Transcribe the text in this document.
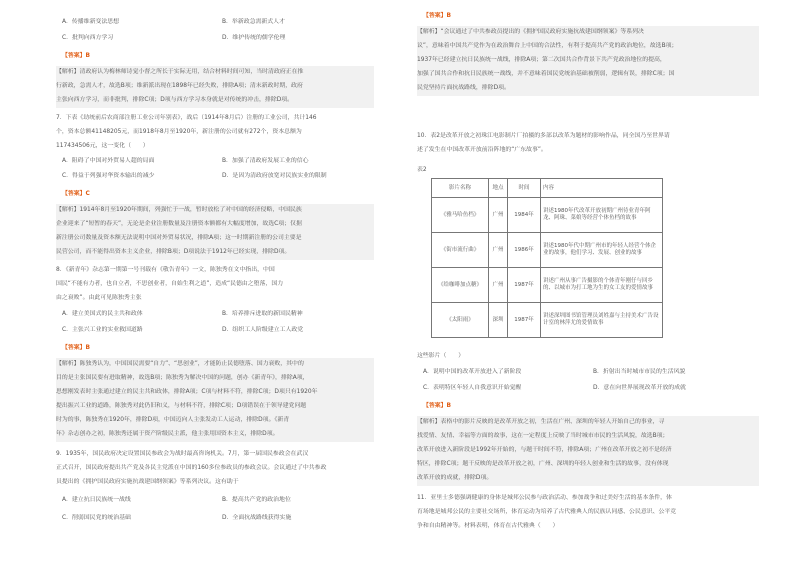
A．传播维新变法思想	B．举新政急需新式人才
C．批判向西方学习	D．维护传统的儒学伦理
【答案】B
【解析】清政府认为梅林师诗觉小督之所长于实际无用，结合材料时间可知，当时清政府正在推
行新政，急需人才，故选B项；维新派出现在1898年已经失败，排除A项；清末新政时期，政府
主张向西方学习，而非批判，排除C项；D项与西方学习本身就是对传统的冲击，排除D项。
7．下表《劫统前后农商部注册工业公司年别表》，战后（1914年8月后）注册的工业公司，共计146
个，资本总额41148205元，而1918年8月至1920年，新注册的公司就有272个，资本总额为
117434506元，这一变化（　　）
A．阻碍了中国对外贸易人超的局面	B．加强了清政府发展工业的信心
C．得益于列强对华资本输出的减少	D．是因为清政府放宽对民族实业的限制
【答案】C
【解析】1914年8月至1920年期间，列强忙于一战，暂时放松了对中国的经济侵略，中国民族
企业迎来了“短暂的春天”，无论是企业注册数量及注册资本额都有大幅度增加，故选C项；仅据
新注册公司数量及资本额无法说明中国对外贸易状况，排除A项；这一时期新注册的公司主要是
民营公司，而不能得出资本主义企业，排除B项；D项说法于1912年已经实现，排除D项。
8．《新青年》杂志第一期第一号刊载有《敬告青年》一文，陈独秀在文中指出，中国
国民“不能有力者，也自立者，不思创业者，自始生利之道”，造成“民德由之堕落，国力
由之衰败”。由此可见陈独秀主张
A．建立美国式的民主共和政体	B．培养排斥进取的新国民精神
C．主张兴工业的实业救国道路	D．组织工人阶级建立工人政党
【答案】B
【解析】陈独秀认为，中国国民需要“自力”、“思创业”，才能防止民德堕落、国力衰败，其中的
目的是主张国民要有进取精神，故选B项；陈独秀为解决中国的问题，创办《新青年》，排除A项，
思想刚发表时主张通过建立的民主共和政体，排除A项；C项与材料不符，排除C项；D项只有1920年
提出振兴工业的道路，陈独秀对此仍旧和义，与材料不符，排除C项；D项错误在于领导建党问题
时为的事，陈独秀在1920年，排除D项，中国迈向人主张发动工人运动，排除D项。《新青
年》杂志创办之初，陈独秀还属于资产阶级民主派，他主张用国资本主义，排除D项。
9．1935年，国民政府决定设置国民参政会为战时最高咨询机关。7月，第一届国民参政会在武汉
正式召开，国民政府提出共产党及各民主党派在中国的160多位参政员的参政会议。会议通过了中共参政
员提出的《拥护国民政府实施抗战建国纲领案》等系列决议。这有助于
A．建立抗日民族统一战线	B．提高共产党的政治地位
C．削弱国民党的统治基础	D．全面抗战路线获得实施
【答案】B
【解析】“会议通过了中共参政员提出的《拥护国民政府实施抗战建国纲领案》等系列决
议”，意味着中国共产党作为在政治舞台上中国的合法性，有利于提高共产党的政治地位，故选B项；
1937年已经建立抗日民族统一战线，排除A项；第二次国共合作背景下共产党政治地位的提高，
加强了国共合作和抗日民族统一战线，并不意味着国民党统治基础被削弱，逻辑有误，排除C项；国
民党坚持片面抗战路线，排除D项。
10．表2是改革开放之初珠江电影制片厂拍摄的多部以改革为题材的影响作品，同全国乃至世界请
述了发生在中国改革开放前沿阵地的“广东故事”。
表2
影片名称	地点	时间	内容
《雅马哈鱼档》	广州	1984年	讲述1980年代改革开放初期广州待业青年阿龙、阿珠、菜娘等经营个体鱼档的故事
《街市流行曲》	广州	1986年	讲述1980年代中期广州市的年轻人经营个体企业的故事，他们学习、发展、创业的故事
《给咖啡加点糖》	广州	1987年	讲述广州从事广告摄影的个体青年刚仔与回乡的、以城市为打工地为生的女工友的爱情故事
《太阳雨》	深圳	1987年	讲述深圳图书馆管理员刘姓嘉与主持美术广告设计室的林萍尤的爱情故事
这些影片（　　）
A．说明中国的改革开放进入了新阶段	B．折射出当时城市市民的生活风貌
C．表明特区年轻人自我意识开始觉醒	D．意在向世界展现改革开放的成就
【答案】B
【解析】表格中的影片反映的是改革开放之初，生活在广州、深圳的年轻人开始自己的事业，寻
找爱情、友情、幸福等方面的故事，这在一定程度上反映了当时城市市民的生活风貌，故选B项；
改革开放进入新阶段是1992年开始的，与题干时间不符，排除A项；广州在改革开放之初不是经济
特区，排除C项；题干反映的是改革开放之初，广州、深圳的年轻人创业和生活的故事，没有体现
改革开放的成就，排除D项。
11．亚里士多德强调健康的身体是城邦公民参与政治活动、参加战争和过美好生活的基本条件，体
育场地是城邦公民的主要社交场所，体育运动为培养了古代雅典人的民族认同感、公民意识、公平竞
争和自由精神等。材料表明，体育在古代雅典（　　）
